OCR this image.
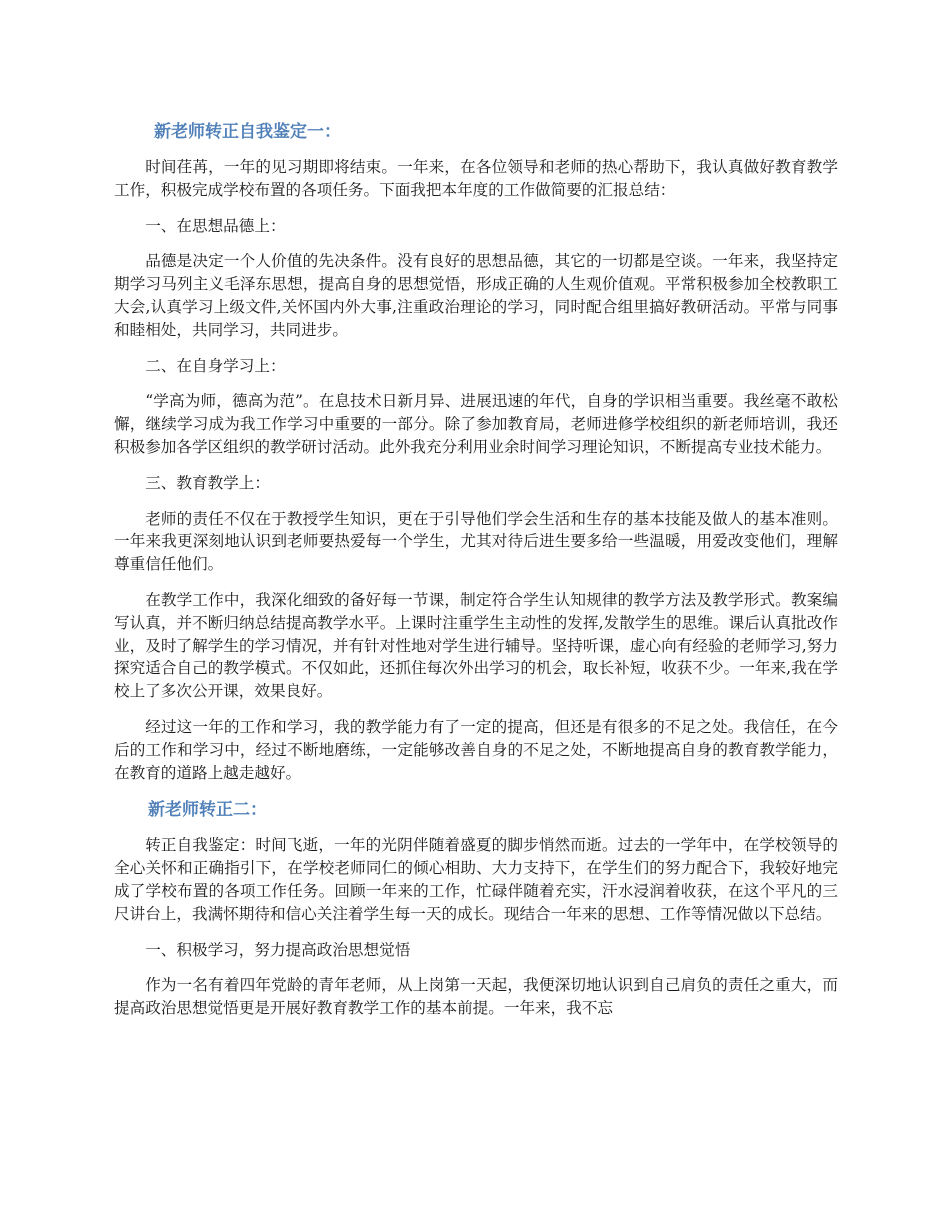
新老师转正自我鉴定一：

时间荏苒，一年的见习期即将结束。一年来，在各位领导和老师的热心帮助下，我认真做好教育教学工作，积极完成学校布置的各项任务。下面我把本年度的工作做简要的汇报总结：

一、在思想品德上：

品德是决定一个人价值的先决条件。没有良好的思想品德，其它的一切都是空谈。一年来，我坚持定期学习马列主义毛泽东思想，提高自身的思想觉悟，形成正确的人生观价值观。平常积极参加全校教职工大会,认真学习上级文件,关怀国内外大事,注重政治理论的学习，同时配合组里搞好教研活动。平常与同事和睦相处，共同学习，共同进步。

二、在自身学习上：

“学高为师，德高为范”。在息技术日新月异、进展迅速的年代，自身的学识相当重要。我丝毫不敢松懈，继续学习成为我工作学习中重要的一部分。除了参加教育局，老师进修学校组织的新老师培训，我还积极参加各学区组织的教学研讨活动。此外我充分利用业余时间学习理论知识，不断提高专业技术能力。

三、教育教学上：

老师的责任不仅在于教授学生知识，更在于引导他们学会生活和生存的基本技能及做人的基本准则。一年来我更深刻地认识到老师要热爱每一个学生，尤其对待后进生要多给一些温暖，用爱改变他们，理解尊重信任他们。

在教学工作中，我深化细致的备好每一节课，制定符合学生认知规律的教学方法及教学形式。教案编写认真，并不断归纳总结提高教学水平。上课时注重学生主动性的发挥,发散学生的思维。课后认真批改作业，及时了解学生的学习情况，并有针对性地对学生进行辅导。坚持听课，虚心向有经验的老师学习,努力探究适合自己的教学模式。不仅如此，还抓住每次外出学习的机会，取长补短，收获不少。一年来,我在学校上了多次公开课，效果良好。

经过这一年的工作和学习，我的教学能力有了一定的提高，但还是有很多的不足之处。我信任，在今后的工作和学习中，经过不断地磨练，一定能够改善自身的不足之处，不断地提高自身的教育教学能力，在教育的道路上越走越好。

新老师转正二：

转正自我鉴定：时间飞逝，一年的光阴伴随着盛夏的脚步悄然而逝。过去的一学年中，在学校领导的全心关怀和正确指引下，在学校老师同仁的倾心相助、大力支持下，在学生们的努力配合下，我较好地完成了学校布置的各项工作任务。回顾一年来的工作，忙碌伴随着充实，汗水浸润着收获，在这个平凡的三尺讲台上，我满怀期待和信心关注着学生每一天的成长。现结合一年来的思想、工作等情况做以下总结。

一、积极学习，努力提高政治思想觉悟

作为一名有着四年党龄的青年老师，从上岗第一天起，我便深切地认识到自己肩负的责任之重大，而提高政治思想觉悟更是开展好教育教学工作的基本前提。一年来，我不忘
